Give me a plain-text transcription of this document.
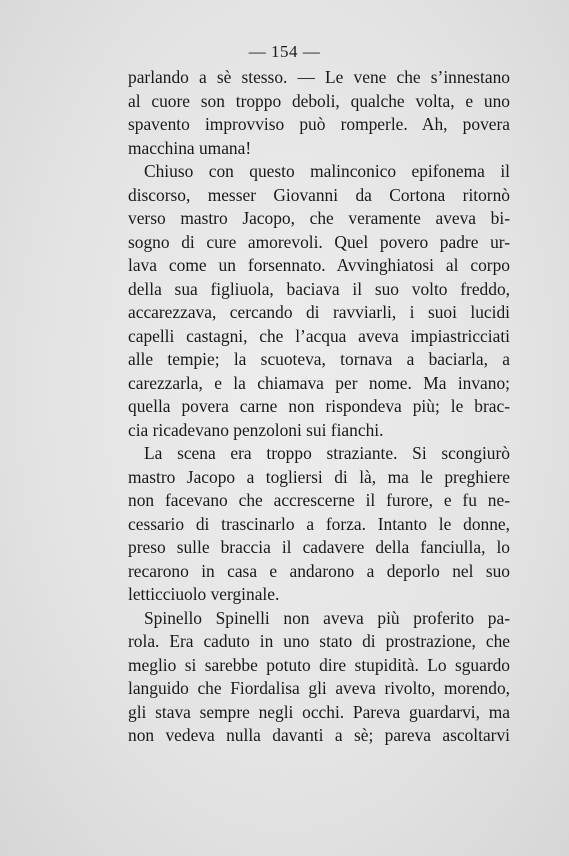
— 154 —
parlando a sè stesso. — Le vene che s’innestano
al cuore son troppo deboli, qualche volta, e uno
spavento improvviso può romperle. Ah, povera
macchina umana!
Chiuso con questo malinconico epifonema il
discorso, messer Giovanni da Cortona ritornò
verso mastro Jacopo, che veramente aveva bi-
sogno di cure amorevoli. Quel povero padre ur-
lava come un forsennato. Avvinghiatosi al corpo
della sua figliuola, baciava il suo volto freddo,
accarezzava, cercando di ravviarli, i suoi lucidi
capelli castagni, che l’acqua aveva impiastricciati
alle tempie; la scuoteva, tornava a baciarla, a
carezzarla, e la chiamava per nome. Ma invano;
quella povera carne non rispondeva più; le brac-
cia ricadevano penzoloni sui fianchi.
La scena era troppo straziante. Si scongiurò
mastro Jacopo a togliersi di là, ma le preghiere
non facevano che accrescerne il furore, e fu ne-
cessario di trascinarlo a forza. Intanto le donne,
preso sulle braccia il cadavere della fanciulla, lo
recarono in casa e andarono a deporlo nel suo
letticciuolo verginale.
Spinello Spinelli non aveva più proferito pa-
rola. Era caduto in uno stato di prostrazione, che
meglio si sarebbe potuto dire stupidità. Lo sguardo
languido che Fiordalisa gli aveva rivolto, morendo,
gli stava sempre negli occhi. Pareva guardarvi, ma
non vedeva nulla davanti a sè; pareva ascoltarvi
